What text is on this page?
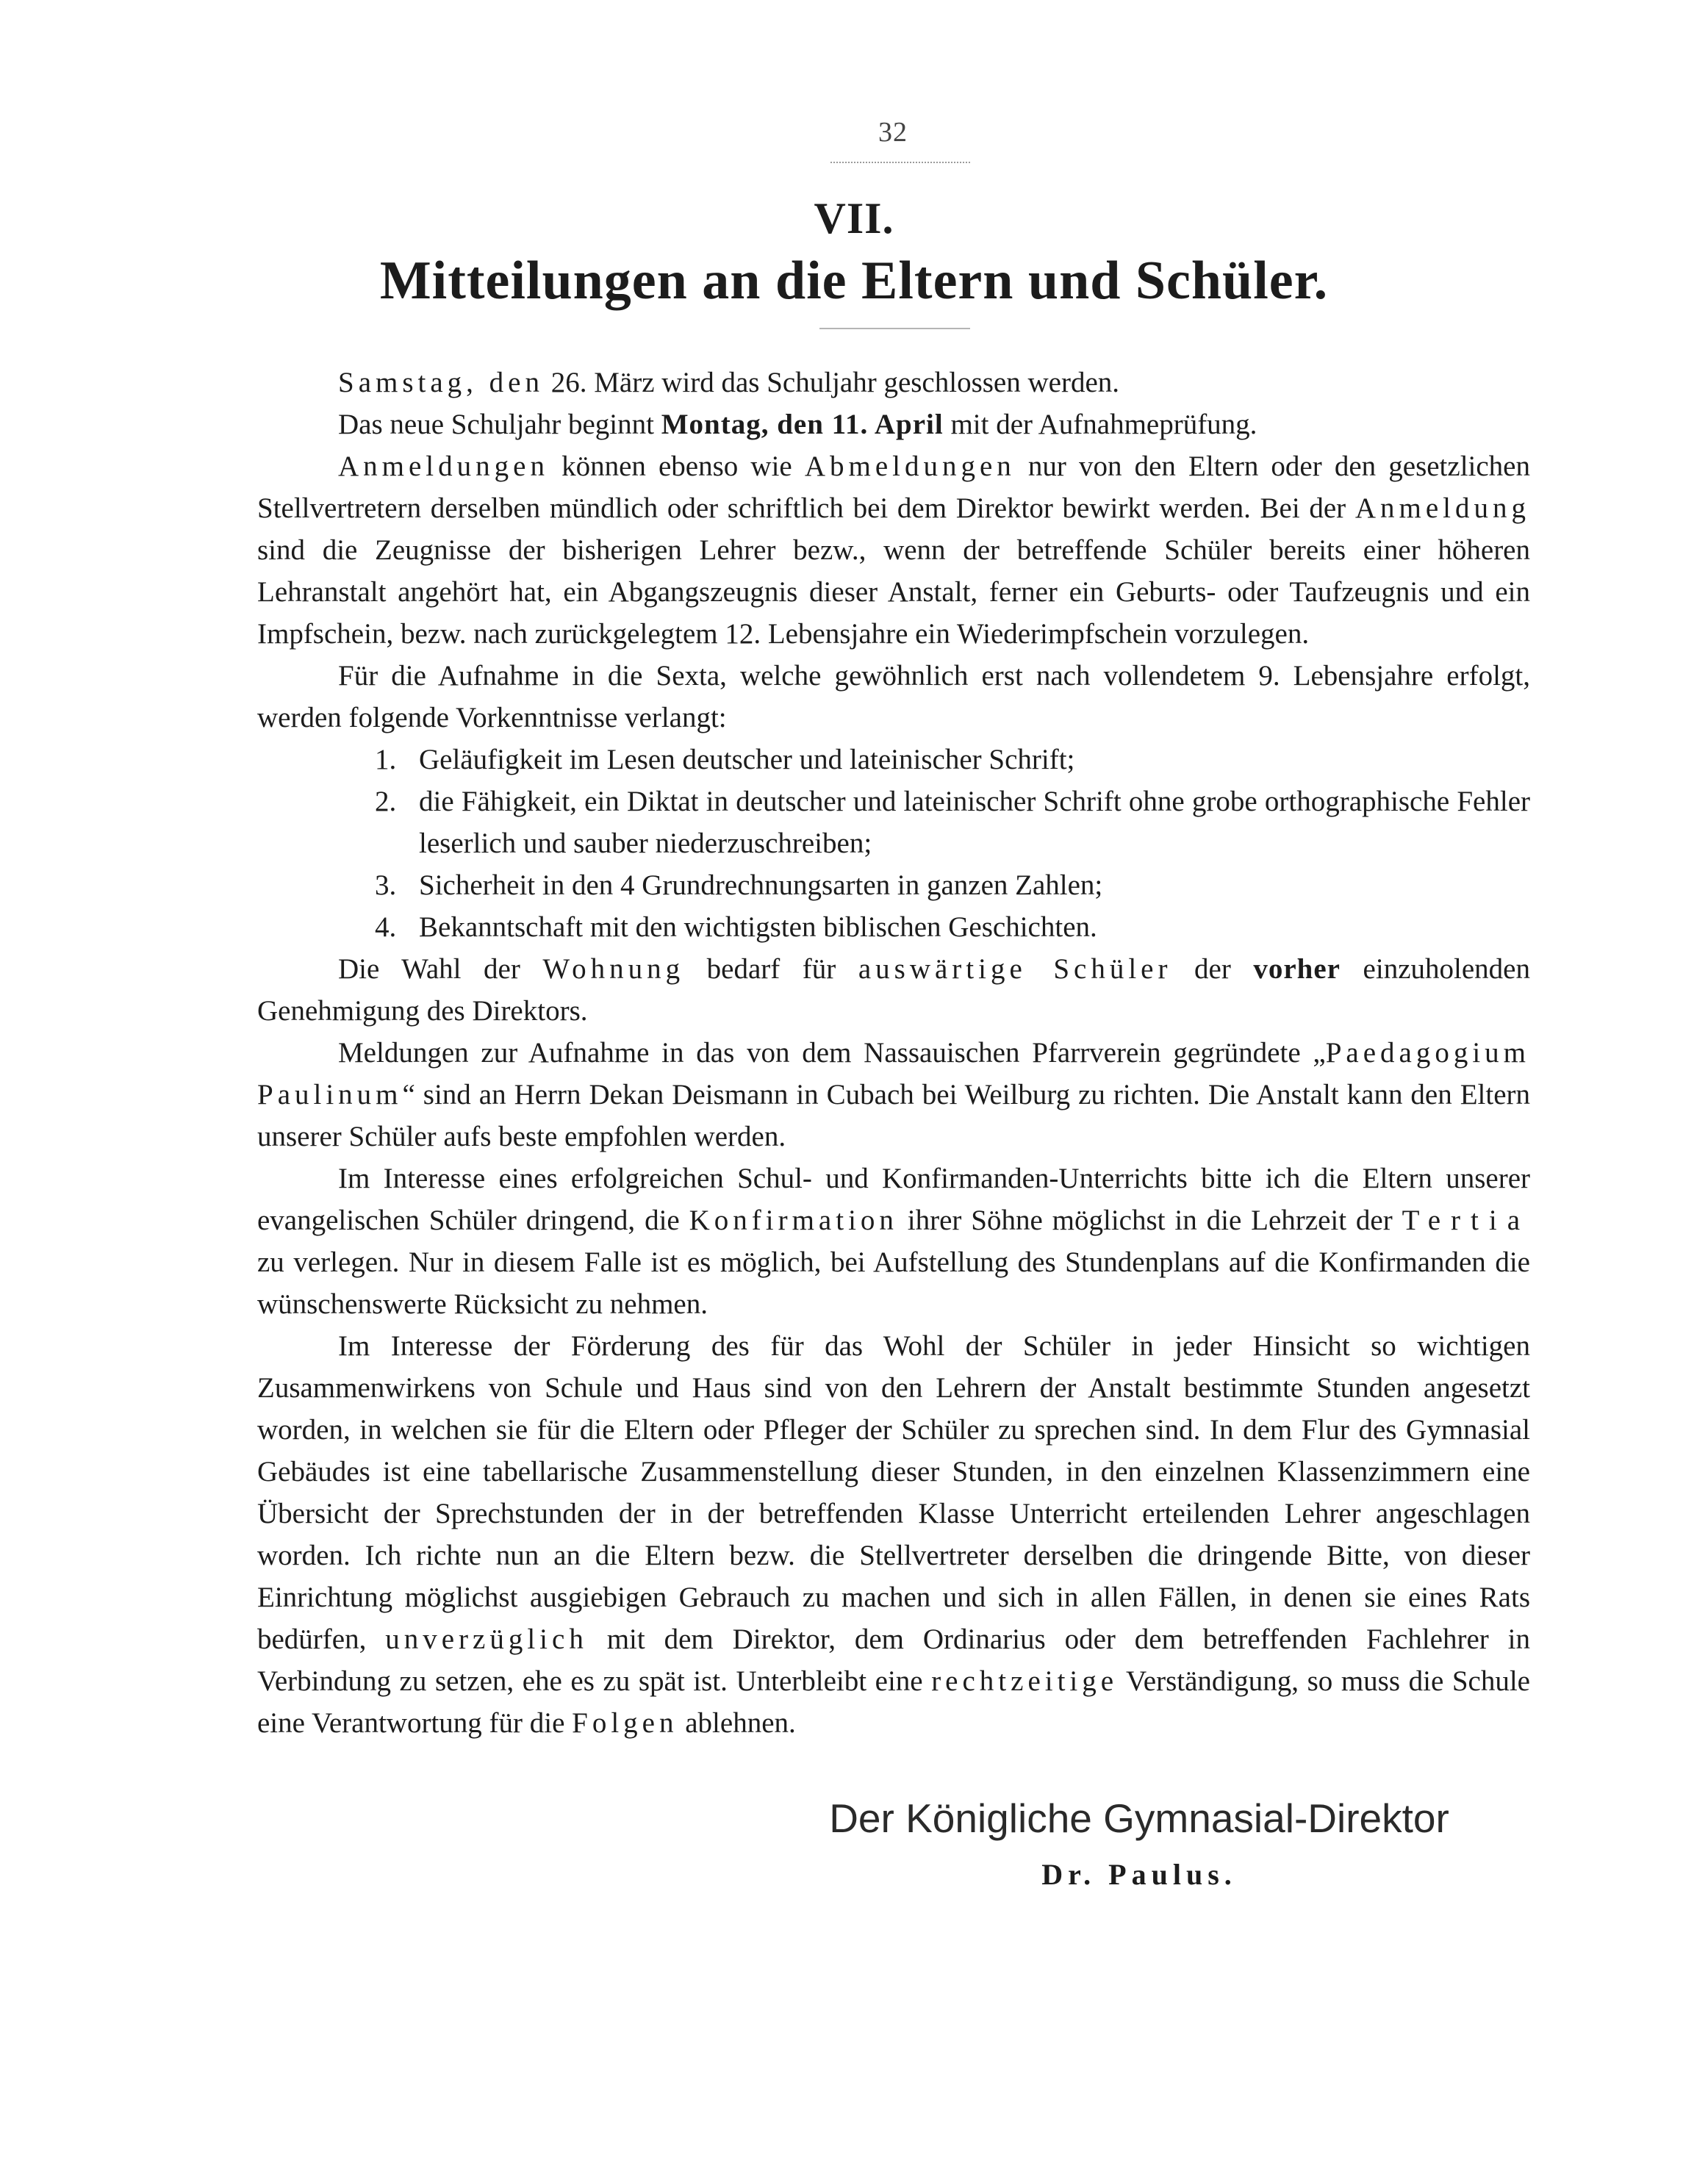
32
VII.
Mitteilungen an die Eltern und Schüler.

Samstag, den 26. März wird das Schuljahr geschlossen werden.

Das neue Schuljahr beginnt Montag, den 11. April mit der Aufnahmeprüfung.

Anmeldungen können ebenso wie Abmeldungen nur von den Eltern oder den gesetzlichen Stellvertretern derselben mündlich oder schriftlich bei dem Direktor bewirkt werden. Bei der Anmeldung sind die Zeugnisse der bisherigen Lehrer bezw., wenn der betreffende Schüler bereits einer höheren Lehranstalt angehört hat, ein Abgangszeugnis dieser Anstalt, ferner ein Geburts- oder Taufzeugnis und ein Impfschein, bezw. nach zurückgelegtem 12. Lebensjahre ein Wiederimpfschein vorzulegen.

Für die Aufnahme in die Sexta, welche gewöhnlich erst nach vollendetem 9. Lebensjahre erfolgt, werden folgende Vorkenntnisse verlangt:

1. Geläufigkeit im Lesen deutscher und lateinischer Schrift;
2. die Fähigkeit, ein Diktat in deutscher und lateinischer Schrift ohne grobe orthographische Fehler leserlich und sauber niederzuschreiben;
3. Sicherheit in den 4 Grundrechnungsarten in ganzen Zahlen;
4. Bekanntschaft mit den wichtigsten biblischen Geschichten.

Die Wahl der Wohnung bedarf für auswärtige Schüler der vorher einzuholenden Genehmigung des Direktors.

Meldungen zur Aufnahme in das von dem Nassauischen Pfarrverein gegründete „Paedagogium Paulinum“ sind an Herrn Dekan Deismann in Cubach bei Weilburg zu richten. Die Anstalt kann den Eltern unserer Schüler aufs beste empfohlen werden.

Im Interesse eines erfolgreichen Schul- und Konfirmanden-Unterrichts bitte ich die Eltern unserer evangelischen Schüler dringend, die Konfirmation ihrer Söhne möglichst in die Lehrzeit der Tertia zu verlegen. Nur in diesem Falle ist es möglich, bei Aufstellung des Stundenplans auf die Konfirmanden die wünschenswerte Rücksicht zu nehmen.

Im Interesse der Förderung des für das Wohl der Schüler in jeder Hinsicht so wichtigen Zusammenwirkens von Schule und Haus sind von den Lehrern der Anstalt bestimmte Stunden angesetzt worden, in welchen sie für die Eltern oder Pfleger der Schüler zu sprechen sind. In dem Flur des Gymnasial Gebäudes ist eine tabellarische Zusammenstellung dieser Stunden, in den einzelnen Klassenzimmern eine Übersicht der Sprechstunden der in der betreffenden Klasse Unterricht erteilenden Lehrer angeschlagen worden. Ich richte nun an die Eltern bezw. die Stellvertreter derselben die dringende Bitte, von dieser Einrichtung möglichst ausgiebigen Gebrauch zu machen und sich in allen Fällen, in denen sie eines Rats bedürfen, unverzüglich mit dem Direktor, dem Ordinarius oder dem betreffenden Fachlehrer in Verbindung zu setzen, ehe es zu spät ist. Unterbleibt eine rechtzeitige Verständigung, so muss die Schule eine Verantwortung für die Folgen ablehnen.

Der Königliche Gymnasial-Direktor
Dr. Paulus.
